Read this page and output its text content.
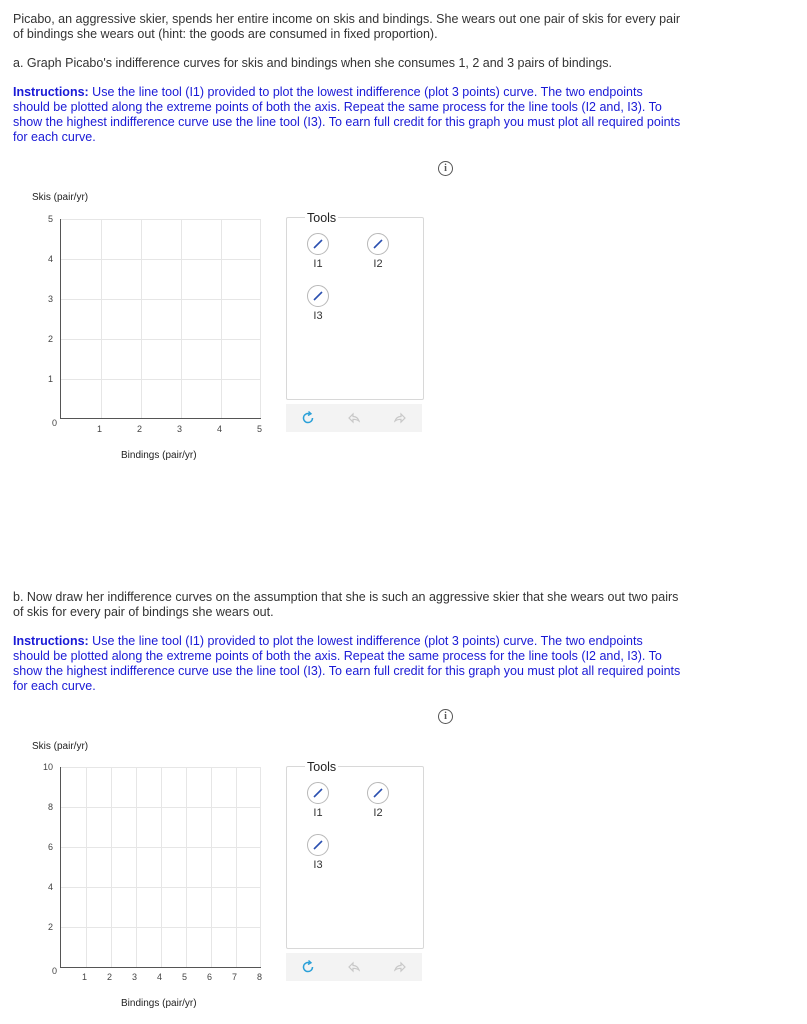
Picabo, an aggressive skier, spends her entire income on skis and bindings. She wears out one pair of skis for every pair of bindings she wears out (hint: the goods are consumed in fixed proportion).

a. Graph Picabo's indifference curves for skis and bindings when she consumes 1, 2 and 3 pairs of bindings.

Instructions: Use the line tool (I1) provided to plot the lowest indifference (plot 3 points) curve. The two endpoints should be plotted along the extreme points of both the axis. Repeat the same process for the line tools (I2 and, I3). To show the highest indifference curve use the line tool (I3). To earn full credit for this graph you must plot all required points for each curve.

i
Skis (pair/yr)
5
4
3
2
1
0
1	2	3	4	5
Bindings (pair/yr)
Tools
I1	I2
I3

b. Now draw her indifference curves on the assumption that she is such an aggressive skier that she wears out two pairs of skis for every pair of bindings she wears out.

Instructions: Use the line tool (I1) provided to plot the lowest indifference (plot 3 points) curve. The two endpoints should be plotted along the extreme points of both the axis. Repeat the same process for the line tools (I2 and, I3). To show the highest indifference curve use the line tool (I3). To earn full credit for this graph you must plot all required points for each curve.

i
Skis (pair/yr)
10
8
6
4
2
0
1 2 3 4 5 6 7 8
Bindings (pair/yr)
Tools
I1	I2
I3
